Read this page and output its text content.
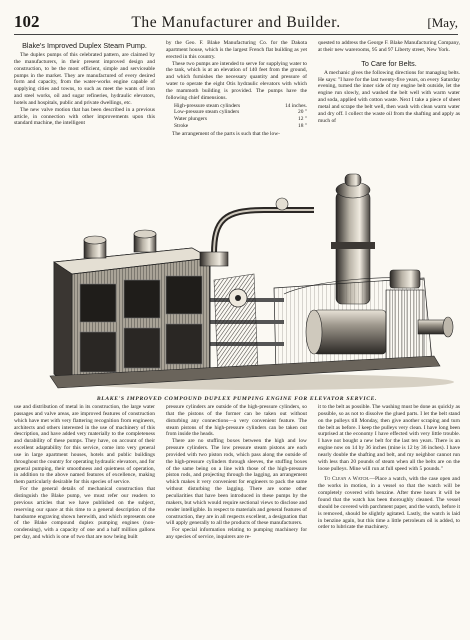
102	The Manufacturer and Builder.	[May,
Blake's Improved Duplex Steam Pump.

The duplex pumps of this celebrated pattern, are claimed by the manufacturers, in their present improved design and construction, to be the most efficient, simple and serviceable pumps in the market. They are manufactured of every desired form and capacity, from the water-works engine capable of supplying cities and towns, to such as meet the wants of iron and steel works, oil and sugar refineries, hydraulic elevators, hotels and hospitals, public and private dwellings, etc.

The new valve motion that has been described in a previous article, in connection with other improvements upon this standard machine, the intelligent

by the Geo. F. Blake Manufacturing Co. for the Dakota apartment house, which is the largest French flat building as yet erected in this country.

These two pumps are intended to serve for supplying water to the tank, which is at an elevation of 140 feet from the ground, and which furnishes the necessary quantity and pressure of water to operate the eight Otis hydraulic elevators with which the mammoth building is provided. The pumps have the following chief dimensions.

High-pressure steam cylinders	14 inches.
Low-pressure steam cylinders	20 "
Water plungers	12 "
Stroke	18 "

The arrangement of the parts is such that the low-

quested to address the George F. Blake Manufacturing Company, at their new warerooms, 95 and 97 Liberty street, New York.

To Care for Belts.

A mechanic gives the following directions for managing belts. He says: "I have for the last twenty-five years, on every Saturday evening, turned the inner side of my engine belt outside, let the engine run slowly, and washed the belt well with warm water and soda, applied with cotton waste. Next I take a piece of sheet metal and scrape the belt well, then wash with clean warm water and dry off. I collect the waste oil from the shafting and apply as much of

BLAKE'S IMPROVED COMPOUND DUPLEX PUMPING ENGINE FOR ELEVATOR SERVICE.

use and distribution of metal in its construction, the large water passages and valve areas, are improved features of construction which have met with very flattering recognition from engineers, architects and others interested in the use of machinery of this description, and have added very materially to the completeness and durability of these pumps. They have, on account of their excellent adaptability for this service, come into very general use in large apartment houses, hotels and public buildings throughout the country for operating hydraulic elevators, and for general pumping, their smoothness and quietness of operation, in addition to the above named features of excellence, making them particularly desirable for this species of service.

For the general details of mechanical construction that distinguish the Blake pump, we must refer our readers to previous articles that we have published on the subject, reserving our space at this time to a general description of the handsome engraving shown herewith, and which represents one of the Blake compound duplex pumping engines (non-condensing), with a capacity of one and a half million gallons per day, and which is one of two that are now being built

pressure cylinders are outside of the high-pressure cylinders, so that the pistons of the former can be taken out without disturbing any connections—a very convenient feature. The steam pistons of the high-pressure cylinders can be taken out from inside the heads.

There are no stuffing boxes between the high and low pressure cylinders. The low pressure steam pistons are each provided with two piston rods, which pass along the outside of the high-pressure cylinders through sleeves, the stuffing boxes of the same being on a line with those of the high-pressure piston rods, and projecting through the lagging, an arrangement which makes it very convenient for engineers to pack the same without disturbing the lagging. There are some other peculiarities that have been introduced in these pumps by the makers, but which would require sectional views to disclose and render intelligible. In respect to materials and general features of construction, they are in all respects excellent, a designation that will apply generally to all the products of these manufacturers.

For special information relating to pumping machinery for any species of service, inquirers are re-

it to the belt as possible. The washing must be done as quickly as possible, so as not to dissolve the glued parts. I let the belt stand on the pulleys till Monday, then give another scraping and turn the belt as before. I keep the pulleys very clean. I have long been surprised at the economy I have effected with very little trouble. I have not bought a new belt for the last ten years. There is an engine now on 14 by 36 inches (mine is 12 by 36 inches). I have nearly double the shafting and belt, and my neighbor cannot run with less than 20 pounds of steam when all the belts are on the loose pulleys. Mine will run at full speed with 5 pounds."

To Clean a Watch.—Place a watch, with the case open and the works in motion, in a vessel so that the watch will be completely covered with benzine. After three hours it will be found that the watch has been thoroughly cleaned. The vessel should be covered with parchment paper, and the watch, before it is removed, should be slightly agitated. Lastly, the watch is laid in benzine again, but this time a little petroleum oil is added, to order to lubricate the machinery.
